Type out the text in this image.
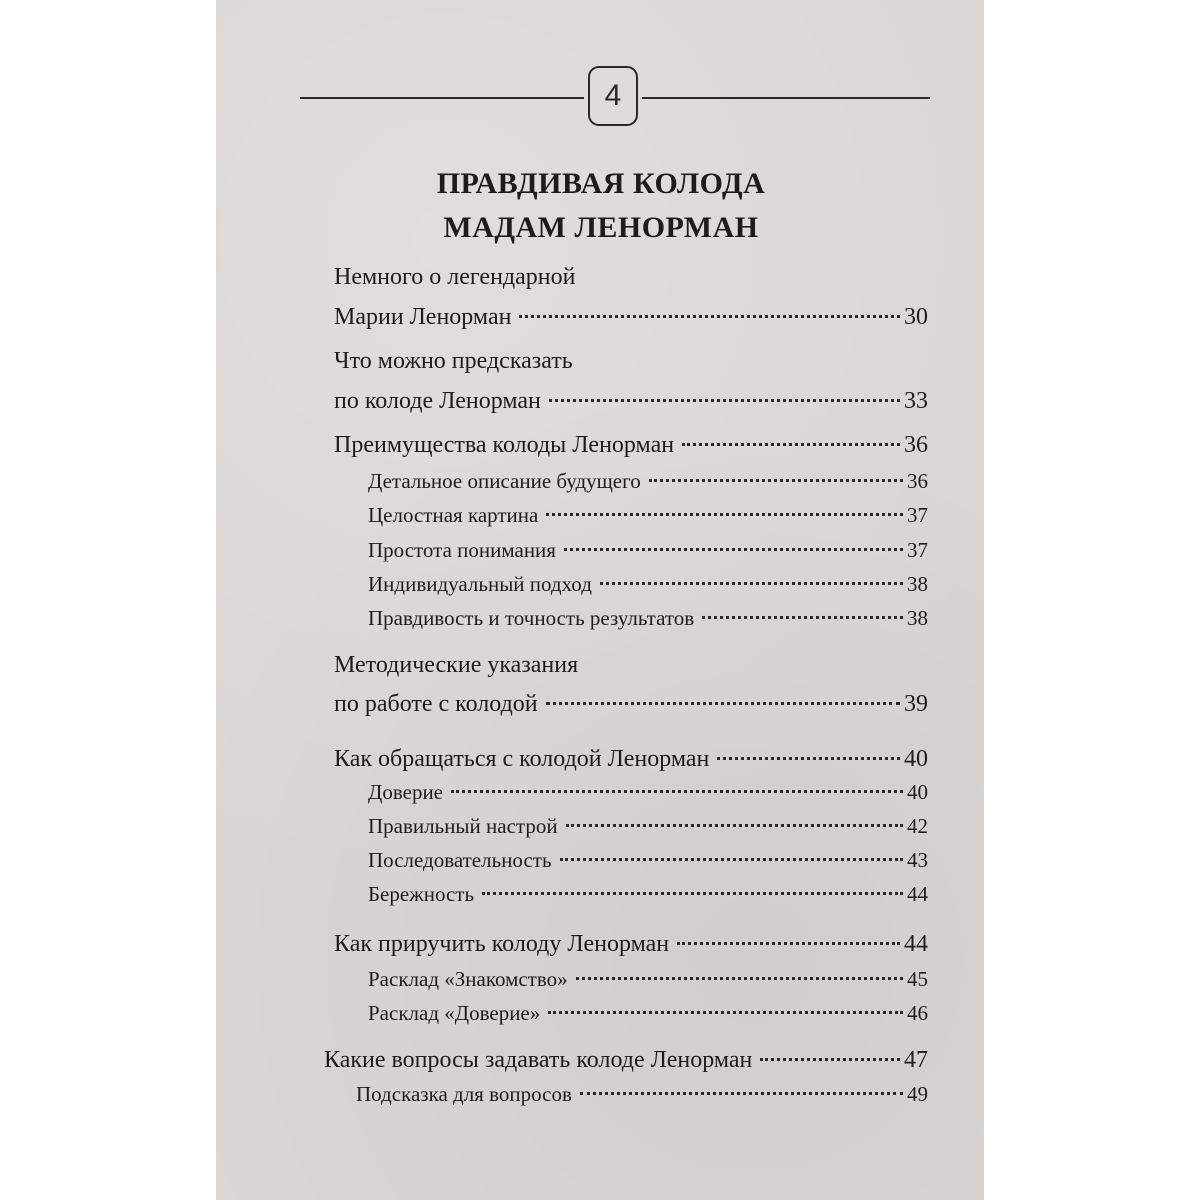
4
ПРАВДИВАЯ КОЛОДА
МАДАМ ЛЕНОРМАН
Немного о легендарной
Марии Ленорман	30
Что можно предсказать
по колоде Ленорман	33
Преимущества колоды Ленорман	36
Детальное описание будущего	36
Целостная картина	37
Простота понимания	37
Индивидуальный подход	38
Правдивость и точность результатов	38
Методические указания
по работе с колодой	39
Как обращаться с колодой Ленорман	40
Доверие	40
Правильный настрой	42
Последовательность	43
Бережность	44
Как приручить колоду Ленорман	44
Расклад «Знакомство»	45
Расклад «Доверие»	46
Какие вопросы задавать колоде Ленорман	47
Подсказка для вопросов	49
